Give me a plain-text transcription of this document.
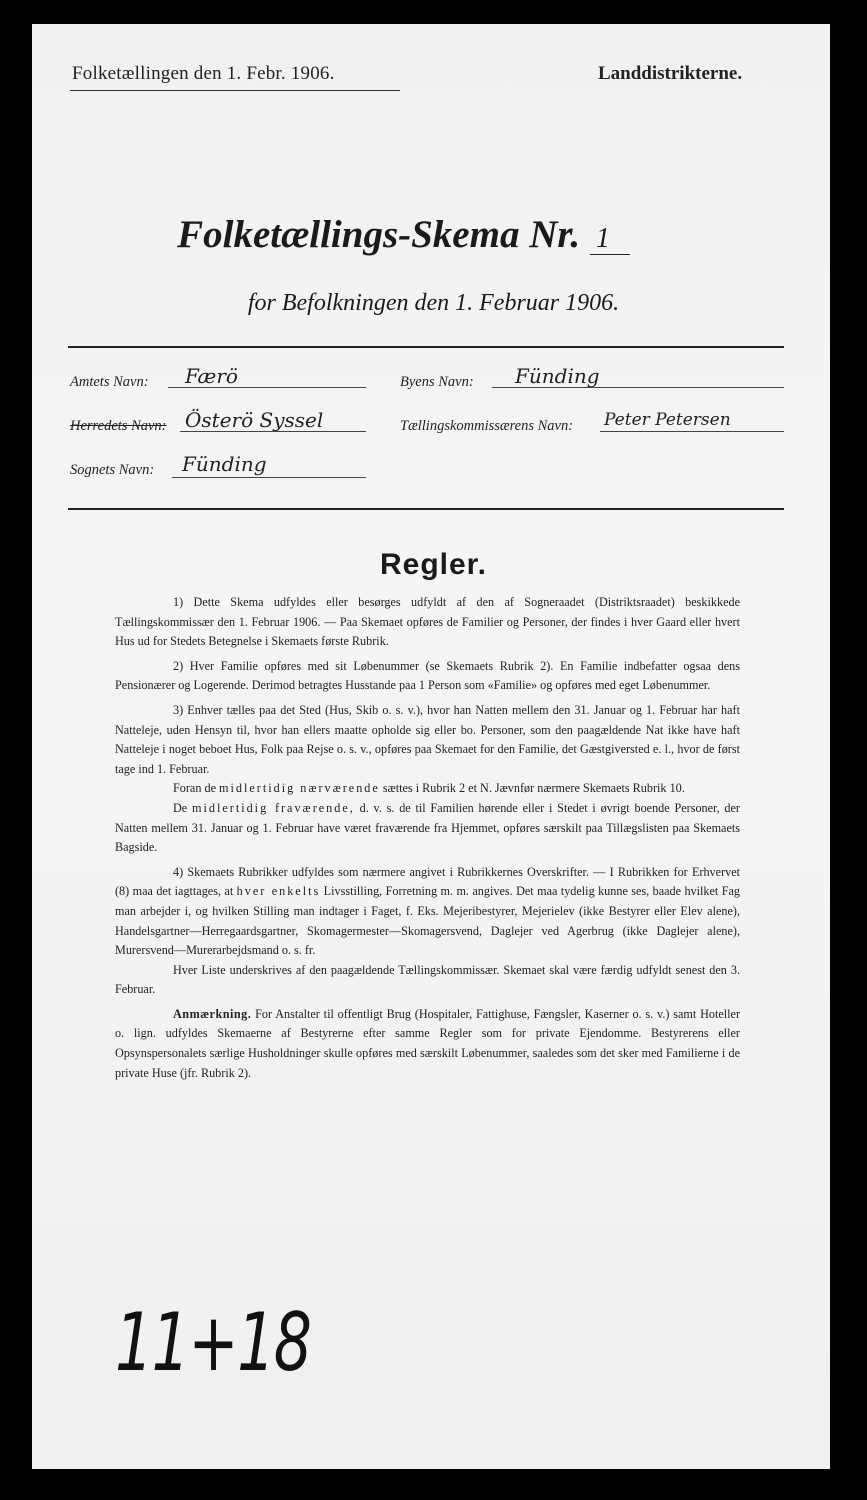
Folketællingen den 1. Febr. 1906.	Landdistrikterne.
Folketællings-Skema Nr. 1
for Befolkningen den 1. Februar 1906.
Amtets Navn: Færö	Byens Navn: Fünding
Herredets Navn: Österö Syssel	Tællingskommissærens Navn: Peter Petersen
Sognets Navn: Fünding
Regler.

1) Dette Skema udfyldes eller besørges udfyldt af den af Sogneraadet (Distriktsraadet) beskikkede Tællingskommissær den 1. Februar 1906. — Paa Skemaet opføres de Familier og Personer, der findes i hver Gaard eller hvert Hus ud for Stedets Betegnelse i Skemaets første Rubrik.

2) Hver Familie opføres med sit Løbenummer (se Skemaets Rubrik 2). En Familie indbefatter ogsaa dens Pensionærer og Logerende. Derimod betragtes Husstande paa 1 Person som «Familie» og opføres med eget Løbenummer.

3) Enhver tælles paa det Sted (Hus, Skib o. s. v.), hvor han Natten mellem den 31. Januar og 1. Februar har haft Natteleje, uden Hensyn til, hvor han ellers maatte opholde sig eller bo. Personer, som den paagældende Nat ikke have haft Natteleje i noget beboet Hus, Folk paa Rejse o. s. v., opføres paa Skemaet for den Familie, det Gæstgiversted e. l., hvor de først tage ind 1. Februar.

Foran de midlertidig nærværende sættes i Rubrik 2 et N. Jævnfør nærmere Skemaets Rubrik 10.

De midlertidig fraværende, d. v. s. de til Familien hørende eller i Stedet i øvrigt boende Personer, der Natten mellem 31. Januar og 1. Februar have været fraværende fra Hjemmet, opføres særskilt paa Tillægslisten paa Skemaets Bagside.

4) Skemaets Rubrikker udfyldes som nærmere angivet i Rubrikkernes Overskrifter. — I Rubrikken for Erhvervet (8) maa det iagttages, at hver enkelts Livsstilling, Forretning m. m. angives. Det maa tydelig kunne ses, baade hvilket Fag man arbejder i, og hvilken Stilling man indtager i Faget, f. Eks. Mejeribestyrer, Mejerielev (ikke Bestyrer eller Elev alene), Handelsgartner—Herregaardsgartner, Skomagermester—Skomagersvend, Daglejer ved Agerbrug (ikke Daglejer alene), Murersvend—Murerarbejdsmand o. s. fr.

Hver Liste underskrives af den paagældende Tællingskommissær. Skemaet skal være færdig udfyldt senest den 3. Februar.

Anmærkning. For Anstalter til offentligt Brug (Hospitaler, Fattighuse, Fængsler, Kaserner o. s. v.) samt Hoteller o. lign. udfyldes Skemaerne af Bestyrerne efter samme Regler som for private Ejendomme. Bestyrerens eller Opsynspersonalets særlige Husholdninger skulle opføres med særskilt Løbenummer, saaledes som det sker med Familierne i de private Huse (jfr. Rubrik 2).

11+18
